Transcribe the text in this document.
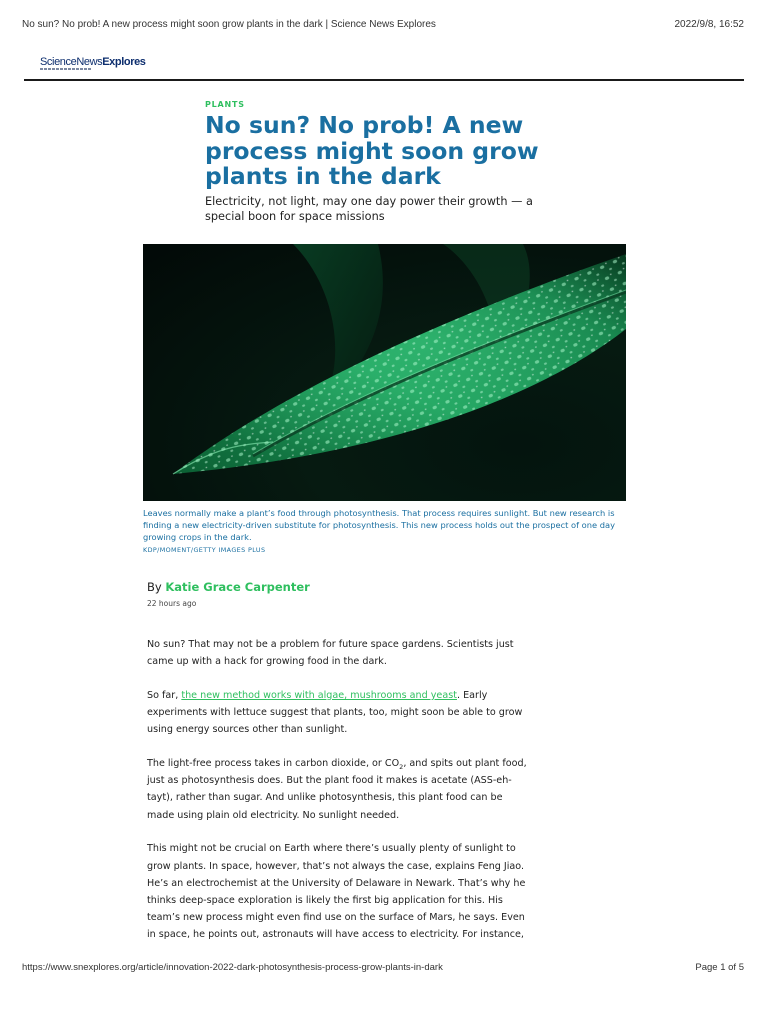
No sun? No prob! A new process might soon grow plants in the dark | Science News Explores	2022/9/8, 16:52
ScienceNewsExplores
PLANTS
No sun? No prob! A new process might soon grow plants in the dark

Electricity, not light, may one day power their growth — a special boon for space missions

Leaves normally make a plant’s food through photosynthesis. That process requires sunlight. But new research is finding a new electricity-driven substitute for photosynthesis. This new process holds out the prospect of one day growing crops in the dark.

KDP/MOMENT/GETTY IMAGES PLUS
By Katie Grace Carpenter
22 hours ago

No sun? That may not be a problem for future space gardens. Scientists just came up with a hack for growing food in the dark.

So far, the new method works with algae, mushrooms and yeast. Early experiments with lettuce suggest that plants, too, might soon be able to grow using energy sources other than sunlight.

The light-free process takes in carbon dioxide, or $CO_2$, and spits out plant food, just as photosynthesis does. But the plant food it makes is acetate (ASS-eh-tayt), rather than sugar. And unlike photosynthesis, this plant food can be made using plain old electricity. No sunlight needed.

This might not be crucial on Earth where there’s usually plenty of sunlight to grow plants. In space, however, that’s not always the case, explains Feng Jiao. He’s an electrochemist at the University of Delaware in Newark. That’s why he thinks deep-space exploration is likely the first big application for this. His team’s new process might even find use on the surface of Mars, he says. Even in space, he points out, astronauts will have access to electricity. For instance,

https://www.snexplores.org/article/innovation-2022-dark-photosynthesis-process-grow-plants-in-dark	Page 1 of 5
